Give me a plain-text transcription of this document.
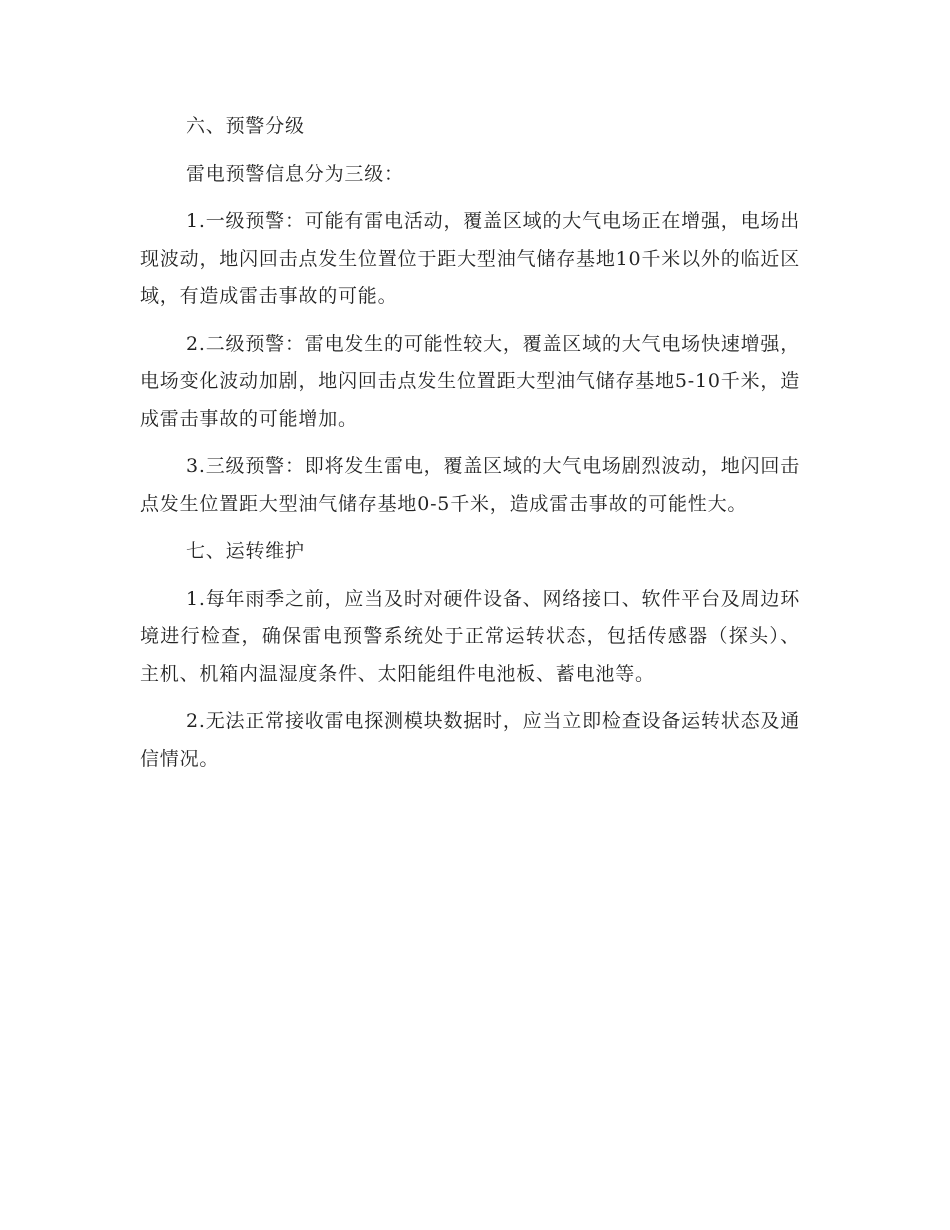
六、预警分级

雷电预警信息分为三级：

1.一级预警：可能有雷电活动，覆盖区域的大气电场正在增强，电场出现波动，地闪回击点发生位置位于距大型油气储存基地10千米以外的临近区域，有造成雷击事故的可能。

2.二级预警：雷电发生的可能性较大，覆盖区域的大气电场快速增强，电场变化波动加剧，地闪回击点发生位置距大型油气储存基地5-10千米，造成雷击事故的可能增加。

3.三级预警：即将发生雷电，覆盖区域的大气电场剧烈波动，地闪回击点发生位置距大型油气储存基地0-5千米，造成雷击事故的可能性大。

七、运转维护

1.每年雨季之前，应当及时对硬件设备、网络接口、软件平台及周边环境进行检查，确保雷电预警系统处于正常运转状态，包括传感器（探头）、主机、机箱内温湿度条件、太阳能组件电池板、蓄电池等。

2.无法正常接收雷电探测模块数据时，应当立即检查设备运转状态及通信情况。
